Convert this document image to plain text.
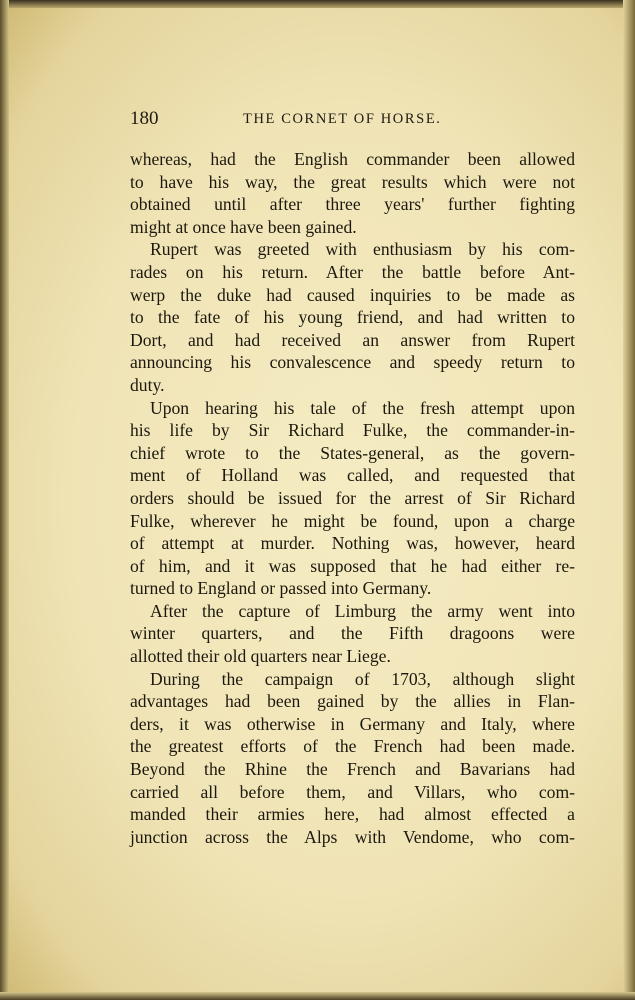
180	THE CORNET OF HORSE.
whereas, had the English commander been allowed
to have his way, the great results which were not
obtained until after three years' further fighting
might at once have been gained.
Rupert was greeted with enthusiasm by his com-
rades on his return. After the battle before Ant-
werp the duke had caused inquiries to be made as
to the fate of his young friend, and had written to
Dort, and had received an answer from Rupert
announcing his convalescence and speedy return to
duty.
Upon hearing his tale of the fresh attempt upon
his life by Sir Richard Fulke, the commander-in-
chief wrote to the States-general, as the govern-
ment of Holland was called, and requested that
orders should be issued for the arrest of Sir Richard
Fulke, wherever he might be found, upon a charge
of attempt at murder. Nothing was, however, heard
of him, and it was supposed that he had either re-
turned to England or passed into Germany.
After the capture of Limburg the army went into
winter quarters, and the Fifth dragoons were
allotted their old quarters near Liege.
During the campaign of 1703, although slight
advantages had been gained by the allies in Flan-
ders, it was otherwise in Germany and Italy, where
the greatest efforts of the French had been made.
Beyond the Rhine the French and Bavarians had
carried all before them, and Villars, who com-
manded their armies here, had almost effected a
junction across the Alps with Vendome, who com-
